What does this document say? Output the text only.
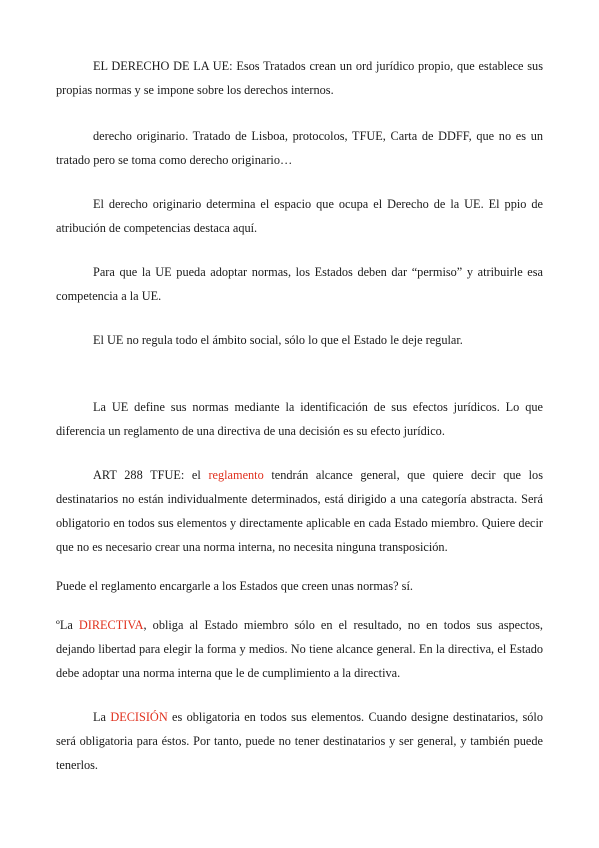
EL DERECHO DE LA UE: Esos Tratados crean un ord jurídico propio, que establece sus propias normas y se impone sobre los derechos internos.

derecho originario. Tratado de Lisboa, protocolos, TFUE, Carta de DDFF, que no es un tratado pero se toma como derecho originario…

El derecho originario determina el espacio que ocupa el Derecho de la UE. El ppio de atribución de competencias destaca aquí.

Para que la UE pueda adoptar normas, los Estados deben dar “permiso” y atribuirle esa competencia a la UE.

El UE no regula todo el ámbito social, sólo lo que el Estado le deje regular.

La UE define sus normas mediante la identificación de sus efectos jurídicos. Lo que diferencia un reglamento de una directiva de una decisión es su efecto jurídico.

ART 288 TFUE: el reglamento tendrán alcance general, que quiere decir que los destinatarios no están individualmente determinados, está dirigido a una categoría abstracta. Será obligatorio en todos sus elementos y directamente aplicable en cada Estado miembro. Quiere decir que no es necesario crear una norma interna, no necesita ninguna transposición.

Puede el reglamento encargarle a los Estados que creen unas normas? sí.

ºLa DIRECTIVA, obliga al Estado miembro sólo en el resultado, no en todos sus aspectos, dejando libertad para elegir la forma y medios. No tiene alcance general. En la directiva, el Estado debe adoptar una norma interna que le de cumplimiento a la directiva.

La DECISIÓN es obligatoria en todos sus elementos. Cuando designe destinatarios, sólo será obligatoria para éstos. Por tanto, puede no tener destinatarios y ser general, y también puede tenerlos.
